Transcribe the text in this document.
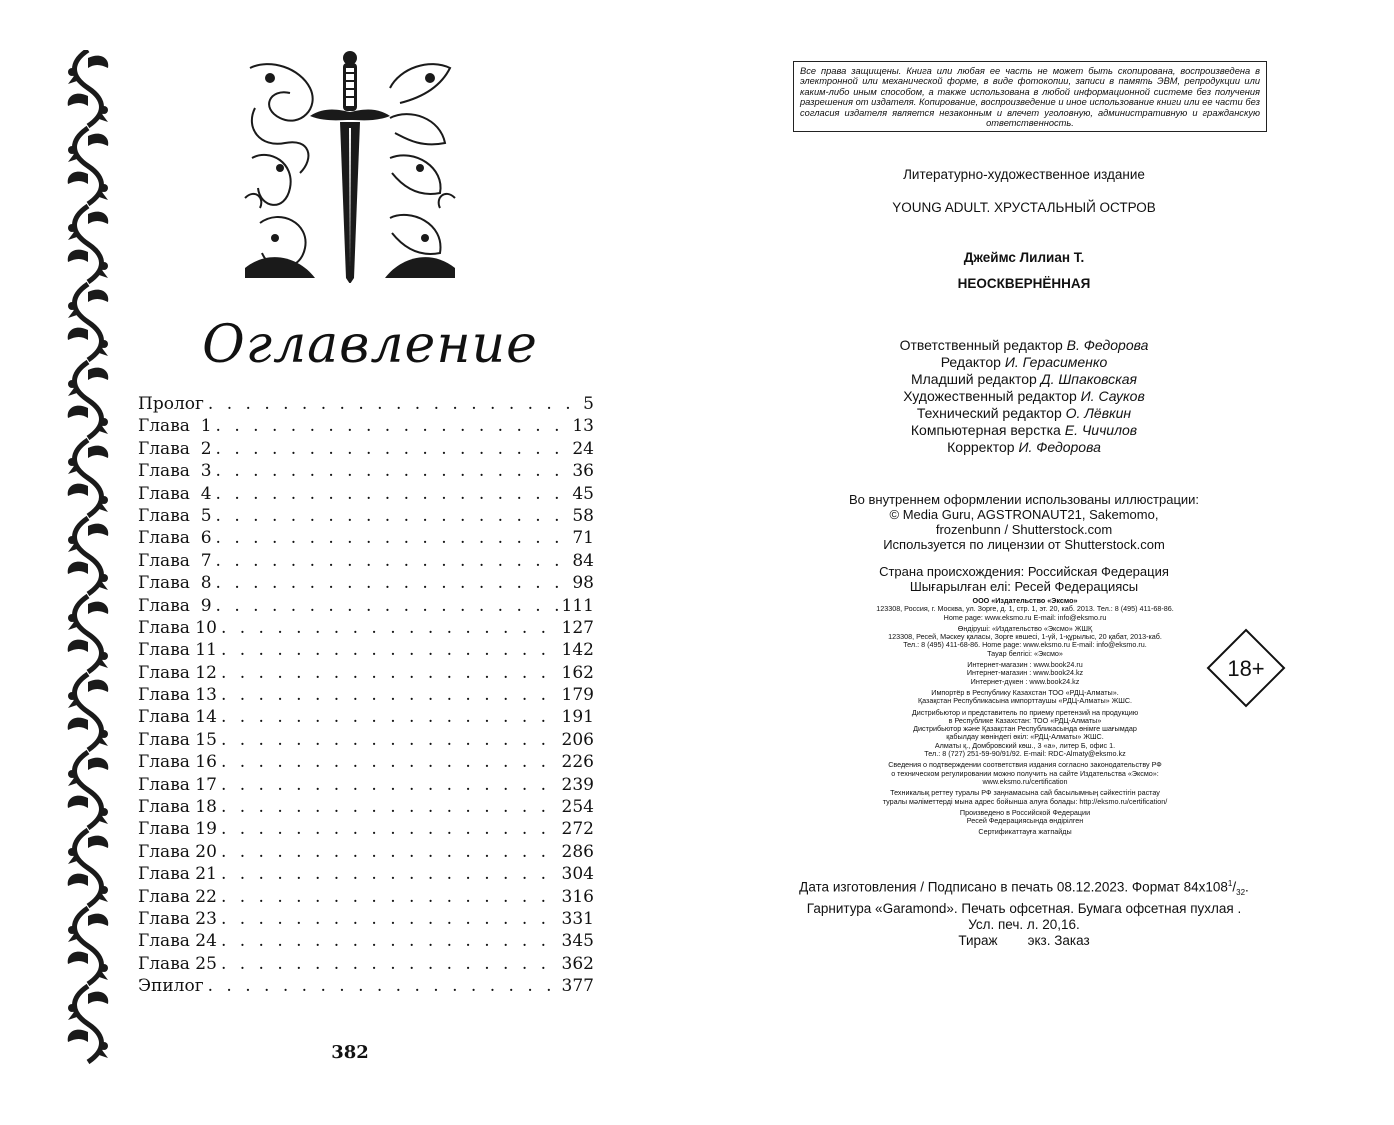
Оглавление
Пролог . . .	5
Глава  1 . . .	13
Глава  2 . . .	24
Глава  3 . . .	36
Глава  4 . . .	45
Глава  5 . . .	58
Глава  6 . . .	71
Глава  7 . . .	84
Глава  8 . . .	98
Глава  9 . . .	111
Глава 10 . . .	127
Глава 11 . . .	142
Глава 12 . . .	162
Глава 13 . . .	179
Глава 14 . . .	191
Глава 15 . . .	206
Глава 16 . . .	226
Глава 17 . . .	239
Глава 18 . . .	254
Глава 19 . . .	272
Глава 20 . . .	286
Глава 21 . . .	304
Глава 22 . . .	316
Глава 23 . . .	331
Глава 24 . . .	345
Глава 25 . . .	362
Эпилог . . .	377
382
Все права защищены. Книга или любая ее часть не может быть скопирована, воспроизведена в электронной или механической форме, в виде фотокопии, записи в память ЭВМ, репродукции или каким-либо иным способом, а также использована в любой информационной системе без получения разрешения от издателя. Копирование, воспроизведение и иное использование книги или ее части без согласия издателя является незаконным и влечет уголовную, административную и гражданскую ответственность.
Литературно-художественное издание
YOUNG ADULT. ХРУСТАЛЬНЫЙ ОСТРОВ
Джеймс Лилиан Т.
НЕОСКВЕРНЁННАЯ
Ответственный редактор В. Федорова
Редактор И. Герасименко
Младший редактор Д. Шпаковская
Художественный редактор И. Сауков
Технический редактор О. Лёвкин
Компьютерная верстка Е. Чичилов
Корректор И. Федорова
Во внутреннем оформлении использованы иллюстрации:
© Media Guru, AGSTRONAUT21, Sakemomo,
frozenbunn / Shutterstock.com
Используется по лицензии от Shutterstock.com
Страна происхождения: Российская Федерация
Шығарылған елі: Ресей Федерациясы
ООО «Издательство «Эксмо»
123308, Россия, г. Москва, ул. Зорге, д. 1, стр. 1, эт. 20, каб. 2013. Тел.: 8 (495) 411-68-86.
Home page: www.eksmo.ru E-mail: info@eksmo.ru
Өндіруші: «Издательство «Эксмо» ЖШҚ
123308, Ресей, Мәскеу қаласы, Зорге көшесі, 1-үй, 1-құрылыс, 20 қабат, 2013-каб.
Тел.: 8 (495) 411-68-86. Home page: www.eksmo.ru E-mail: info@eksmo.ru.
Тауар белгісі: «Эксмо»
Интернет-магазин : www.book24.ru
Интернет-магазин : www.book24.kz
Интернет-дүкен : www.book24.kz
Импортёр в Республику Казахстан ТОО «РДЦ-Алматы».
Қазақстан Республикасына импорттаушы «РДЦ-Алматы» ЖШС.
Дистрибьютор и представитель по приему претензий на продукцию
в Республике Казахстан: ТОО «РДЦ-Алматы»
Дистрибьютор және Қазақстан Республикасында өнімге шағымдар
қабылдау жөніндегі өкіл: «РДЦ-Алматы» ЖШС.
Алматы қ., Домбровский көш., 3 «а», литер Б, офис 1.
Тел.: 8 (727) 251-59-90/91/92. E-mail: RDC-Almaty@eksmo.kz
Сведения о подтверждении соответствия издания согласно законодательству РФ
о техническом регулировании можно получить на сайте Издательства «Эксмо»:
www.eksmo.ru/certification
Техникалық реттеу туралы РФ заңнамасына сай басылымның сәйкестігін растау
туралы мәліметтерді мына адрес бойынша алуға болады: http://eksmo.ru/certification/
Произведено в Российской Федерации
Ресей Федерациясында өндірілген
Сертификаттауға жатпайды
18+
Дата изготовления / Подписано в печать 08.12.2023. Формат $84x108^1/_{32}$.
Гарнитура «Garamond». Печать офсетная. Бумага офсетная пухлая .
Усл. печ. л. 20,16.
Тираж        экз. Заказ
